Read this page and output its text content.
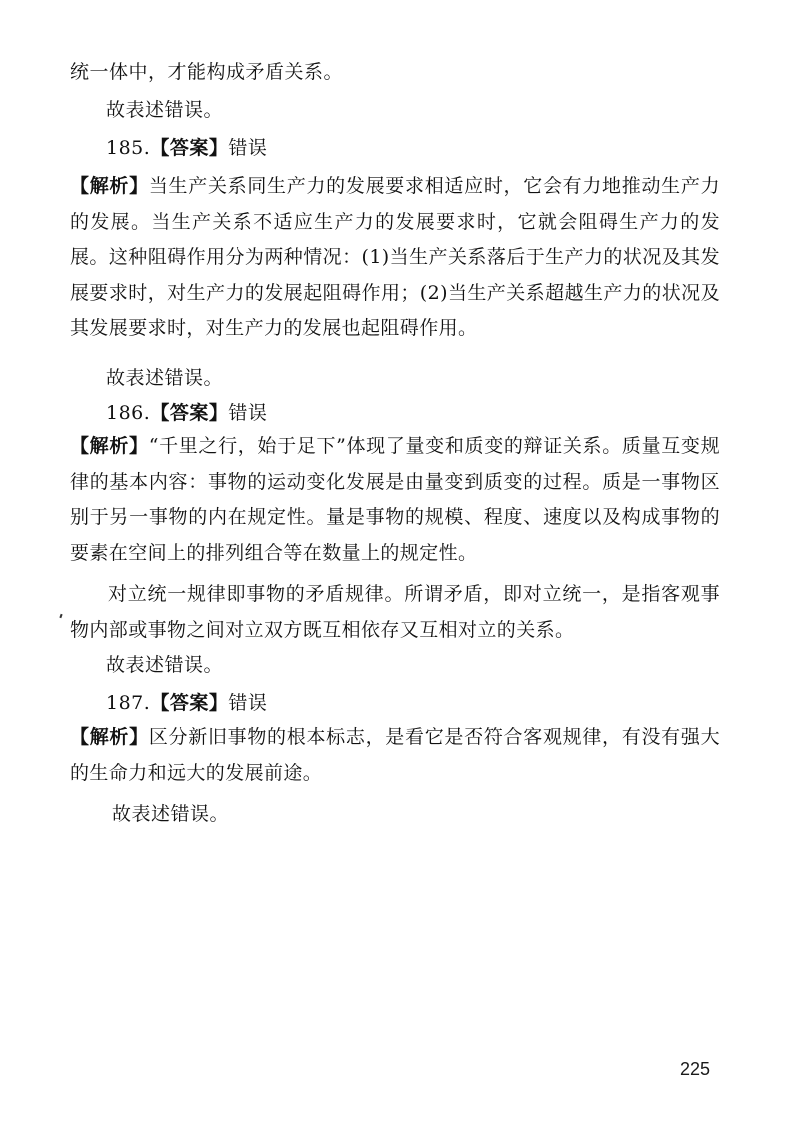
统一体中，才能构成矛盾关系。
故表述错误。
185.【答案】错误

【解析】当生产关系同生产力的发展要求相适应时，它会有力地推动生产力的发展。当生产关系不适应生产力的发展要求时，它就会阻碍生产力的发展。这种阻碍作用分为两种情况：(1)当生产关系落后于生产力的状况及其发展要求时，对生产力的发展起阻碍作用；(2)当生产关系超越生产力的状况及其发展要求时，对生产力的发展也起阻碍作用。

故表述错误。
186.【答案】错误

【解析】“千里之行，始于足下”体现了量变和质变的辩证关系。质量互变规律的基本内容：事物的运动变化发展是由量变到质变的过程。质是一事物区别于另一事物的内在规定性。量是事物的规模、程度、速度以及构成事物的要素在空间上的排列组合等在数量上的规定性。

对立统一规律即事物的矛盾规律。所谓矛盾，即对立统一，是指客观事物内部或事物之间对立双方既互相依存又互相对立的关系。

故表述错误。
187.【答案】错误

【解析】区分新旧事物的根本标志，是看它是否符合客观规律，有没有强大的生命力和远大的发展前途。

故表述错误。
225
